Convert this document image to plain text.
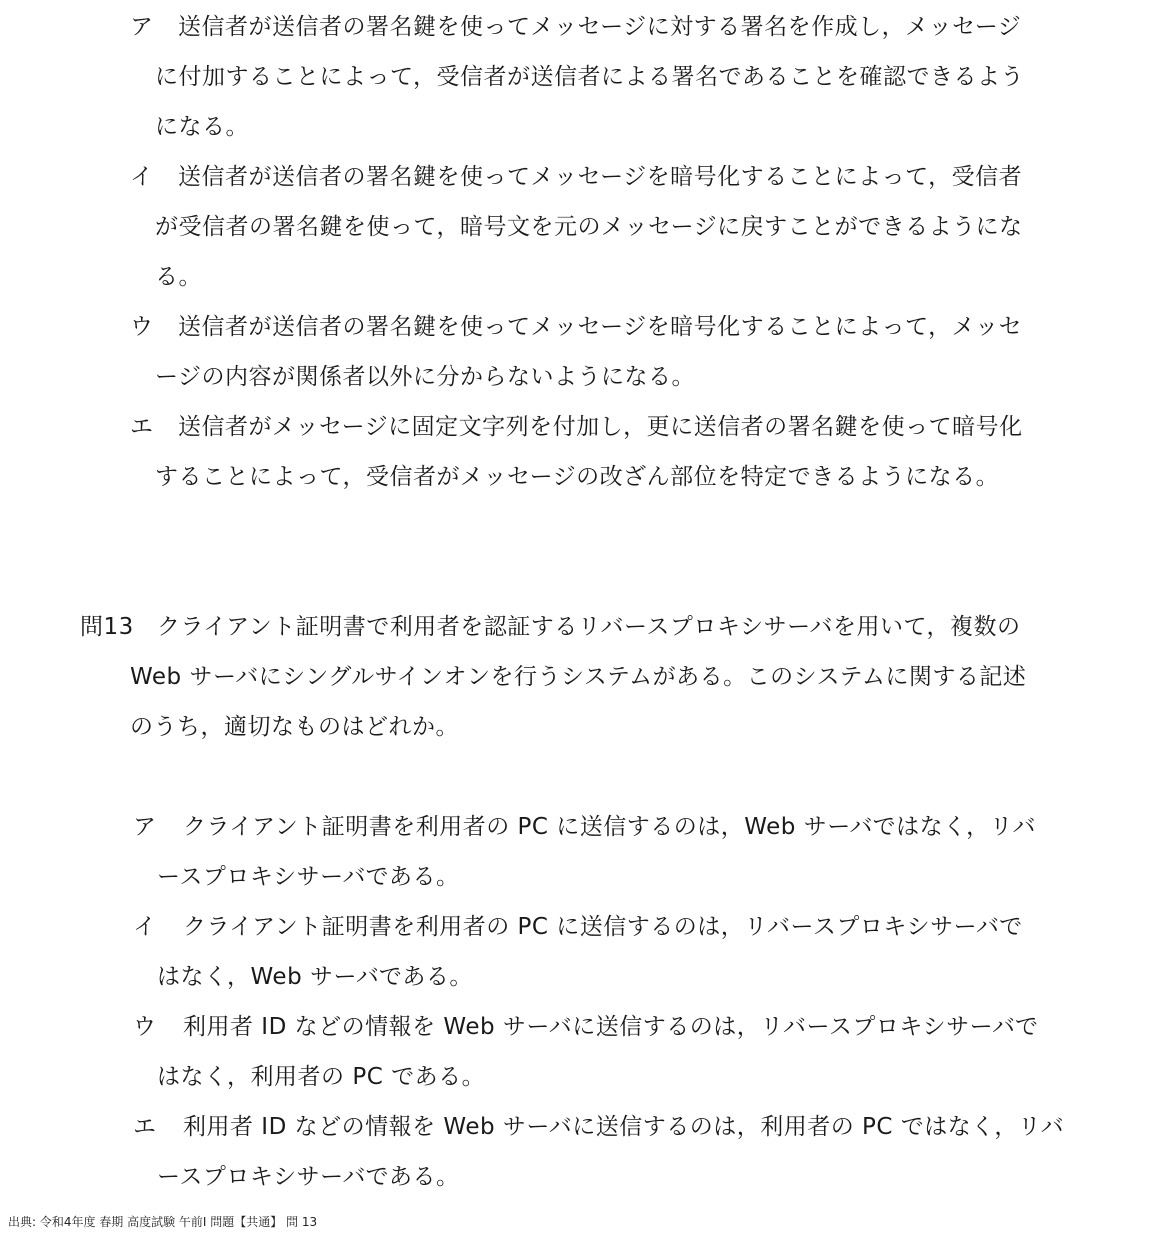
ア 送信者が送信者の署名鍵を使ってメッセージに対する署名を作成し，メッセージ
に付加することによって，受信者が送信者による署名であることを確認できるよう
になる。
イ 送信者が送信者の署名鍵を使ってメッセージを暗号化することによって，受信者
が受信者の署名鍵を使って，暗号文を元のメッセージに戻すことができるようにな
る。
ウ 送信者が送信者の署名鍵を使ってメッセージを暗号化することによって，メッセ
ージの内容が関係者以外に分からないようになる。
エ 送信者がメッセージに固定文字列を付加し，更に送信者の署名鍵を使って暗号化
することによって，受信者がメッセージの改ざん部位を特定できるようになる。
問13 クライアント証明書で利用者を認証するリバースプロキシサーバを用いて，複数の
Web サーバにシングルサインオンを行うシステムがある。このシステムに関する記述
のうち，適切なものはどれか。
ア クライアント証明書を利用者の PC に送信するのは，Web サーバではなく，リバ
ースプロキシサーバである。
イ クライアント証明書を利用者の PC に送信するのは，リバースプロキシサーバで
はなく，Web サーバである。
ウ 利用者 ID などの情報を Web サーバに送信するのは，リバースプロキシサーバで
はなく，利用者の PC である。
エ 利用者 ID などの情報を Web サーバに送信するのは，利用者の PC ではなく，リバ
ースプロキシサーバである。
出典: 令和4年度 春期 高度試験 午前I 問題【共通】 問 13
